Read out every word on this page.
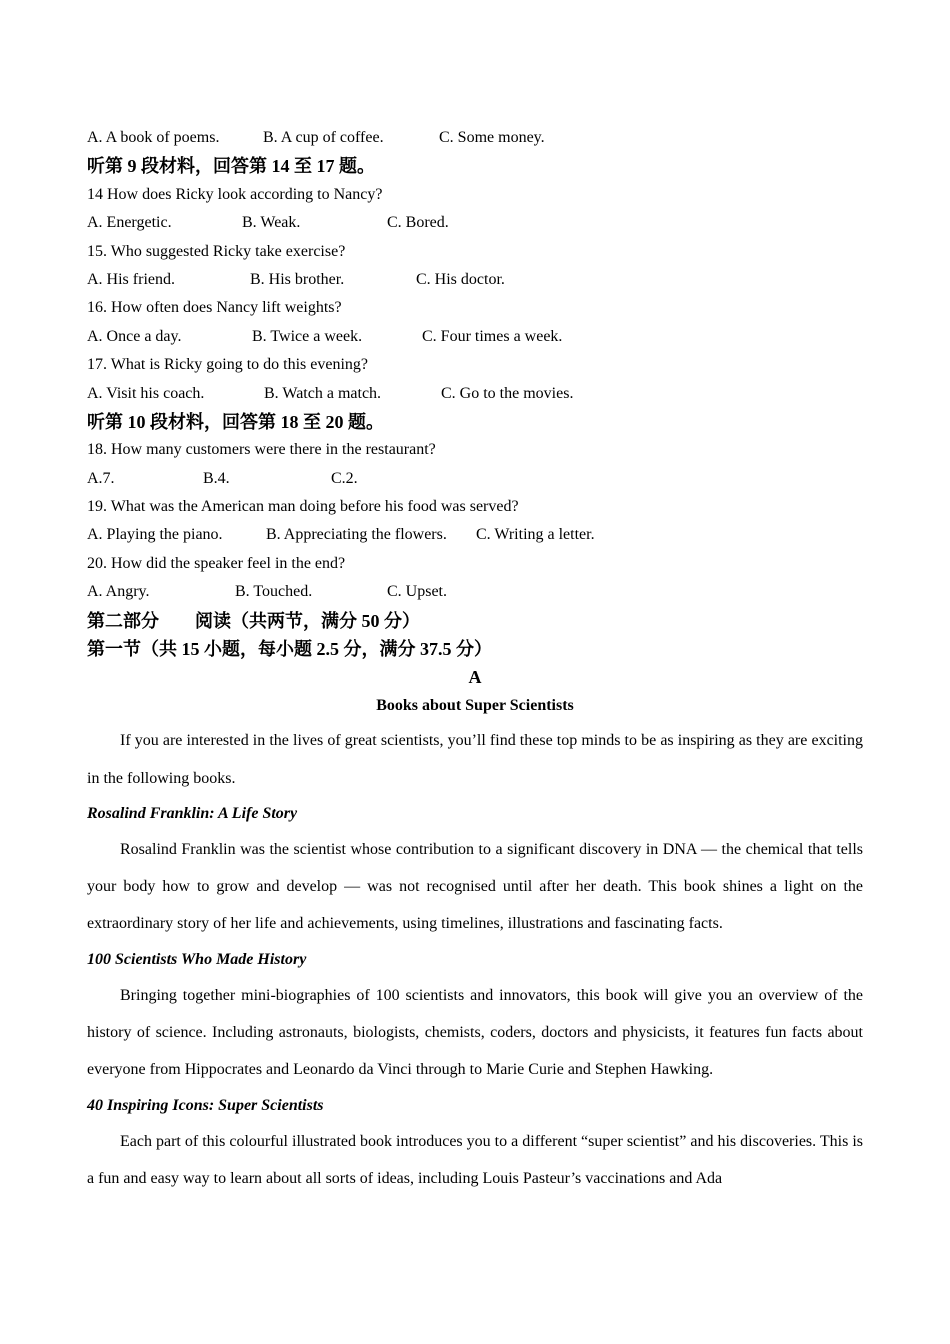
A. A book of poems.	B. A cup of coffee.	C. Some money.
听第 9 段材料，回答第 14 至 17 题。
14 How does Ricky look according to Nancy?
A. Energetic.	B. Weak.	C. Bored.
15. Who suggested Ricky take exercise?
A. His friend.	B. His brother.	C. His doctor.
16. How often does Nancy lift weights?
A. Once a day.	B. Twice a week.	C. Four times a week.
17. What is Ricky going to do this evening?
A. Visit his coach.	B. Watch a match.	C. Go to the movies.
听第 10 段材料，回答第 18 至 20 题。
18. How many customers were there in the restaurant?
A.7.	B.4.	C.2.
19. What was the American man doing before his food was served?
A. Playing the piano.	B. Appreciating the flowers. C. Writing a letter.
20. How did the speaker feel in the end?
A. Angry.	B. Touched.	C. Upset.
第二部分　　阅读（共两节，满分 50 分）
第一节（共 15 小题，每小题 2.5 分，满分 37.5 分）
A
Books about Super Scientists
If you are interested in the lives of great scientists, you’ll find these top minds to be as inspiring as they are exciting in the following books.
Rosalind Franklin: A Life Story
Rosalind Franklin was the scientist whose contribution to a significant discovery in DNA — the chemical that tells your body how to grow and develop — was not recognised until after her death. This book shines a light on the extraordinary story of her life and achievements, using timelines, illustrations and fascinating facts.
100 Scientists Who Made History
Bringing together mini-biographies of 100 scientists and innovators, this book will give you an overview of the history of science. Including astronauts, biologists, chemists, coders, doctors and physicists, it features fun facts about everyone from Hippocrates and Leonardo da Vinci through to Marie Curie and Stephen Hawking.
40 Inspiring Icons: Super Scientists
Each part of this colourful illustrated book introduces you to a different “super scientist” and his discoveries. This is a fun and easy way to learn about all sorts of ideas, including Louis Pasteur’s vaccinations and Ada
